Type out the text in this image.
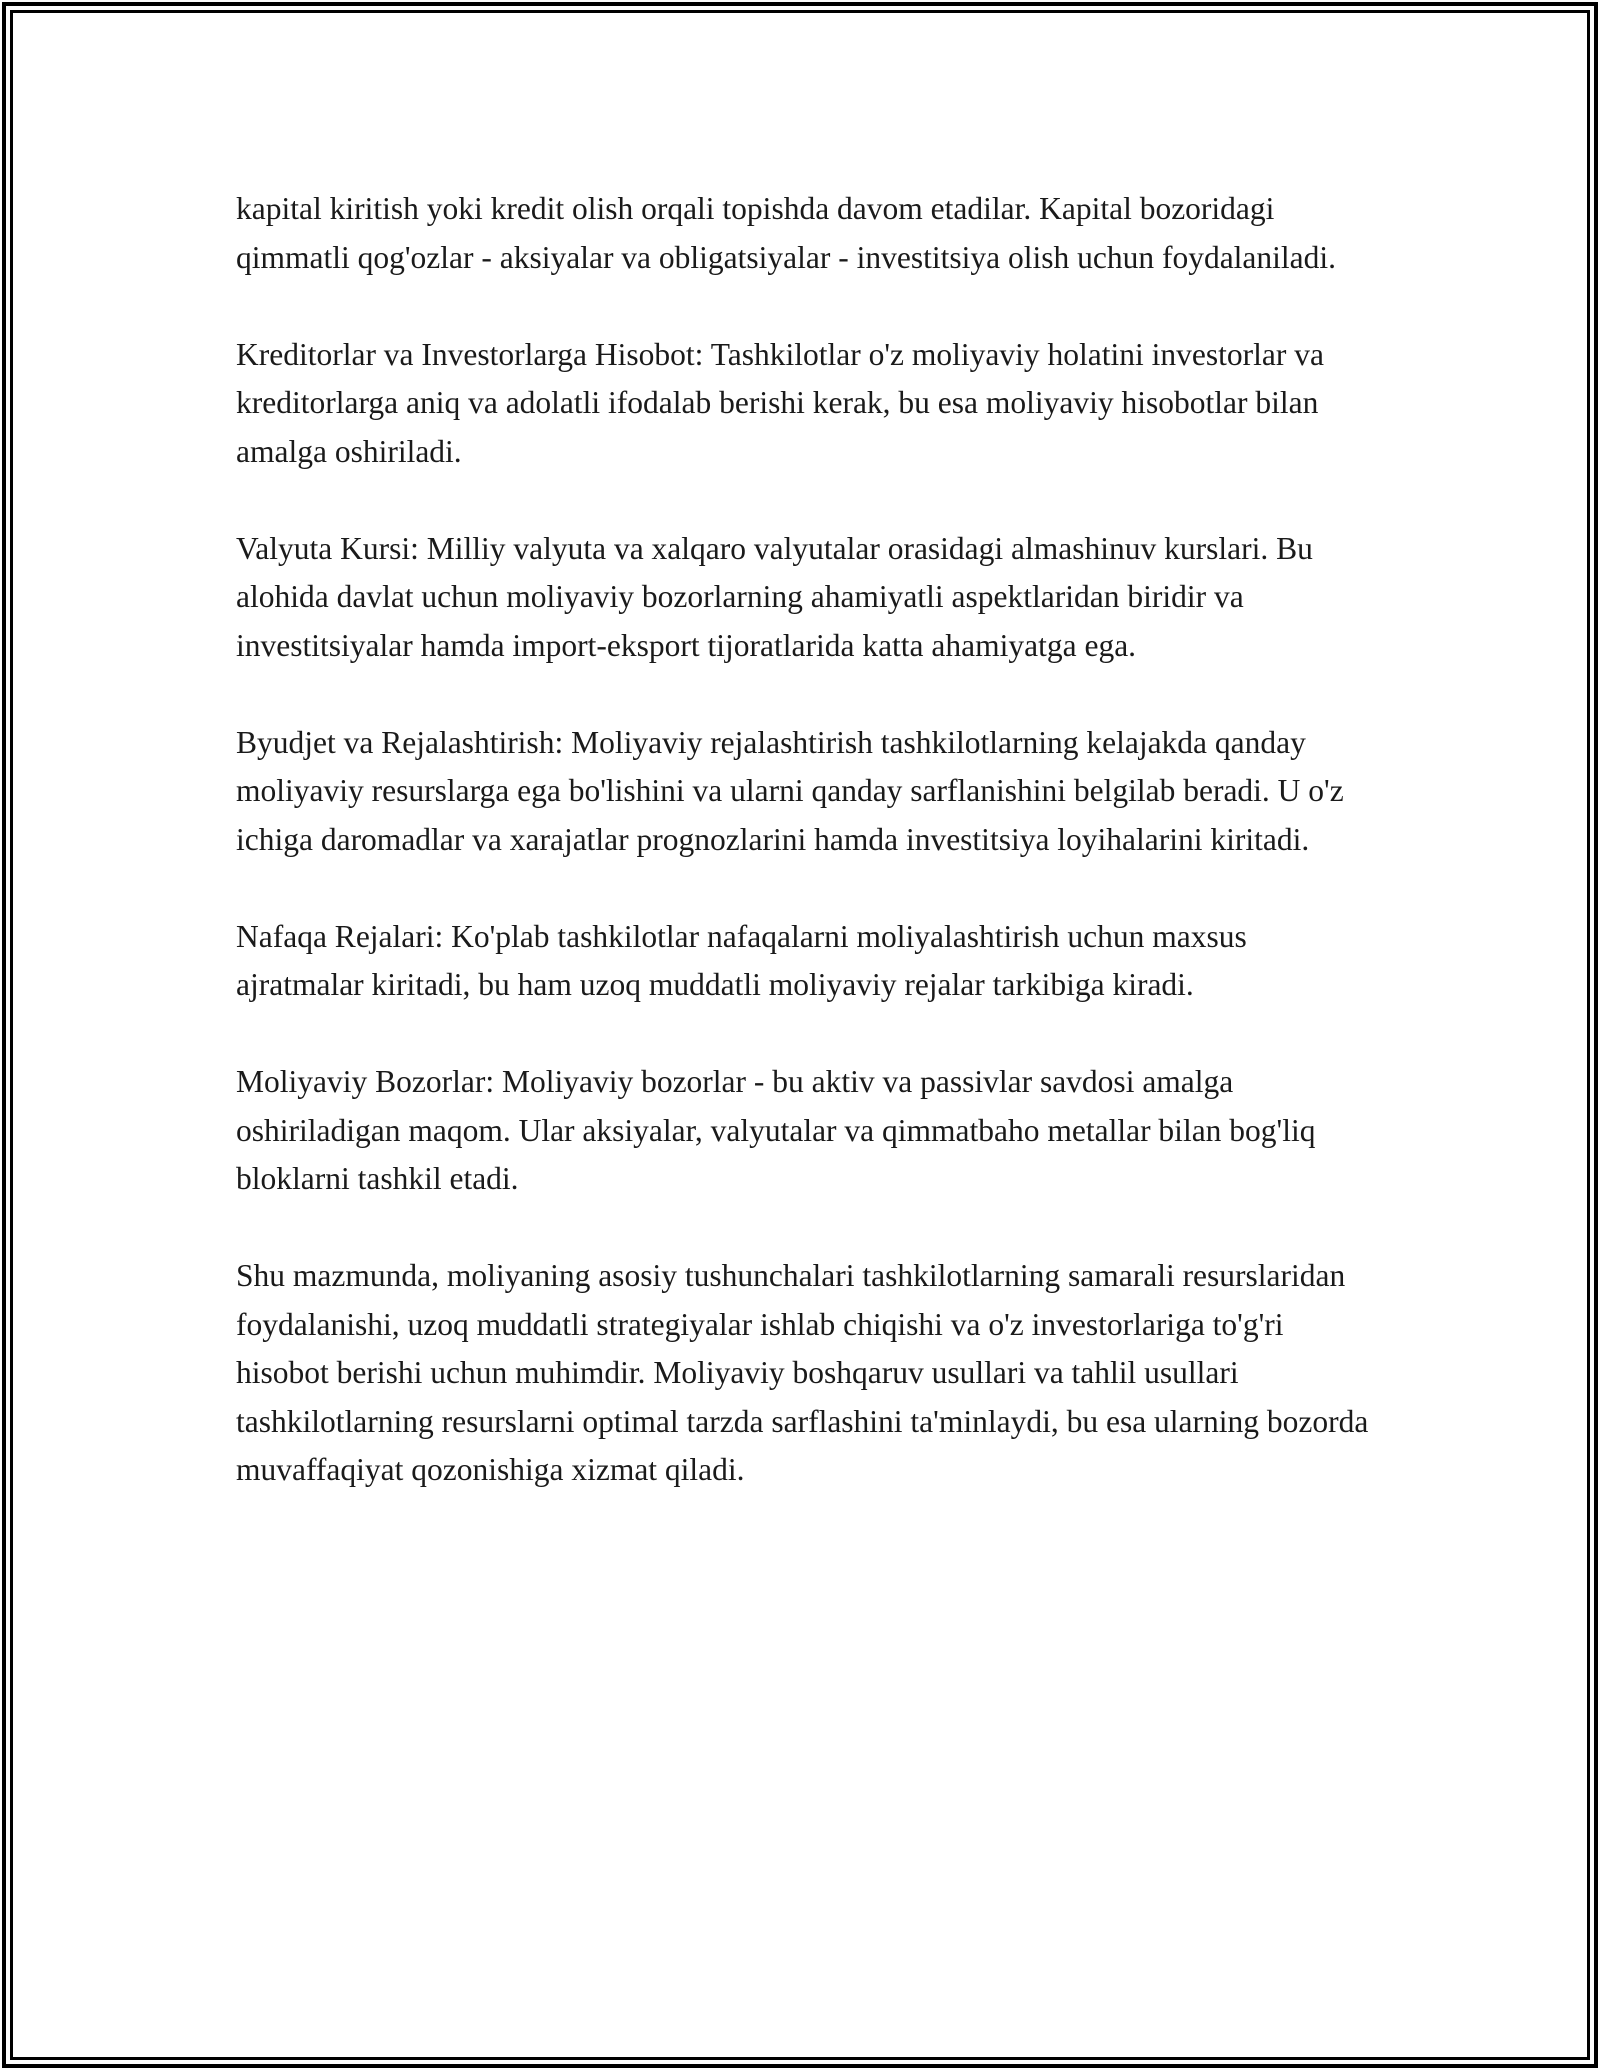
kapital kiritish yoki kredit olish orqali topishda davom etadilar. Kapital bozoridagi qimmatli qog'ozlar - aksiyalar va obligatsiyalar - investitsiya olish uchun foydalaniladi.

Kreditorlar va Investorlarga Hisobot: Tashkilotlar o'z moliyaviy holatini investorlar va kreditorlarga aniq va adolatli ifodalab berishi kerak, bu esa moliyaviy hisobotlar bilan amalga oshiriladi.

Valyuta Kursi: Milliy valyuta va xalqaro valyutalar orasidagi almashinuv kurslari. Bu alohida davlat uchun moliyaviy bozorlarning ahamiyatli aspektlaridan biridir va investitsiyalar hamda import-eksport tijoratlarida katta ahamiyatga ega.

Byudjet va Rejalashtirish: Moliyaviy rejalashtirish tashkilotlarning kelajakda qanday moliyaviy resurslarga ega bo'lishini va ularni qanday sarflanishini belgilab beradi. U o'z ichiga daromadlar va xarajatlar prognozlarini hamda investitsiya loyihalarini kiritadi.

Nafaqa Rejalari: Ko'plab tashkilotlar nafaqalarni moliyalashtirish uchun maxsus ajratmalar kiritadi, bu ham uzoq muddatli moliyaviy rejalar tarkibiga kiradi.

Moliyaviy Bozorlar: Moliyaviy bozorlar - bu aktiv va passivlar savdosi amalga oshiriladigan maqom. Ular aksiyalar, valyutalar va qimmatbaho metallar bilan bog'liq bloklarni tashkil etadi.

Shu mazmunda, moliyaning asosiy tushunchalari tashkilotlarning samarali resurslaridan foydalanishi, uzoq muddatli strategiyalar ishlab chiqishi va o'z investorlariga to'g'ri hisobot berishi uchun muhimdir. Moliyaviy boshqaruv usullari va tahlil usullari tashkilotlarning resurslarni optimal tarzda sarflashini ta'minlaydi, bu esa ularning bozorda muvaffaqiyat qozonishiga xizmat qiladi.
